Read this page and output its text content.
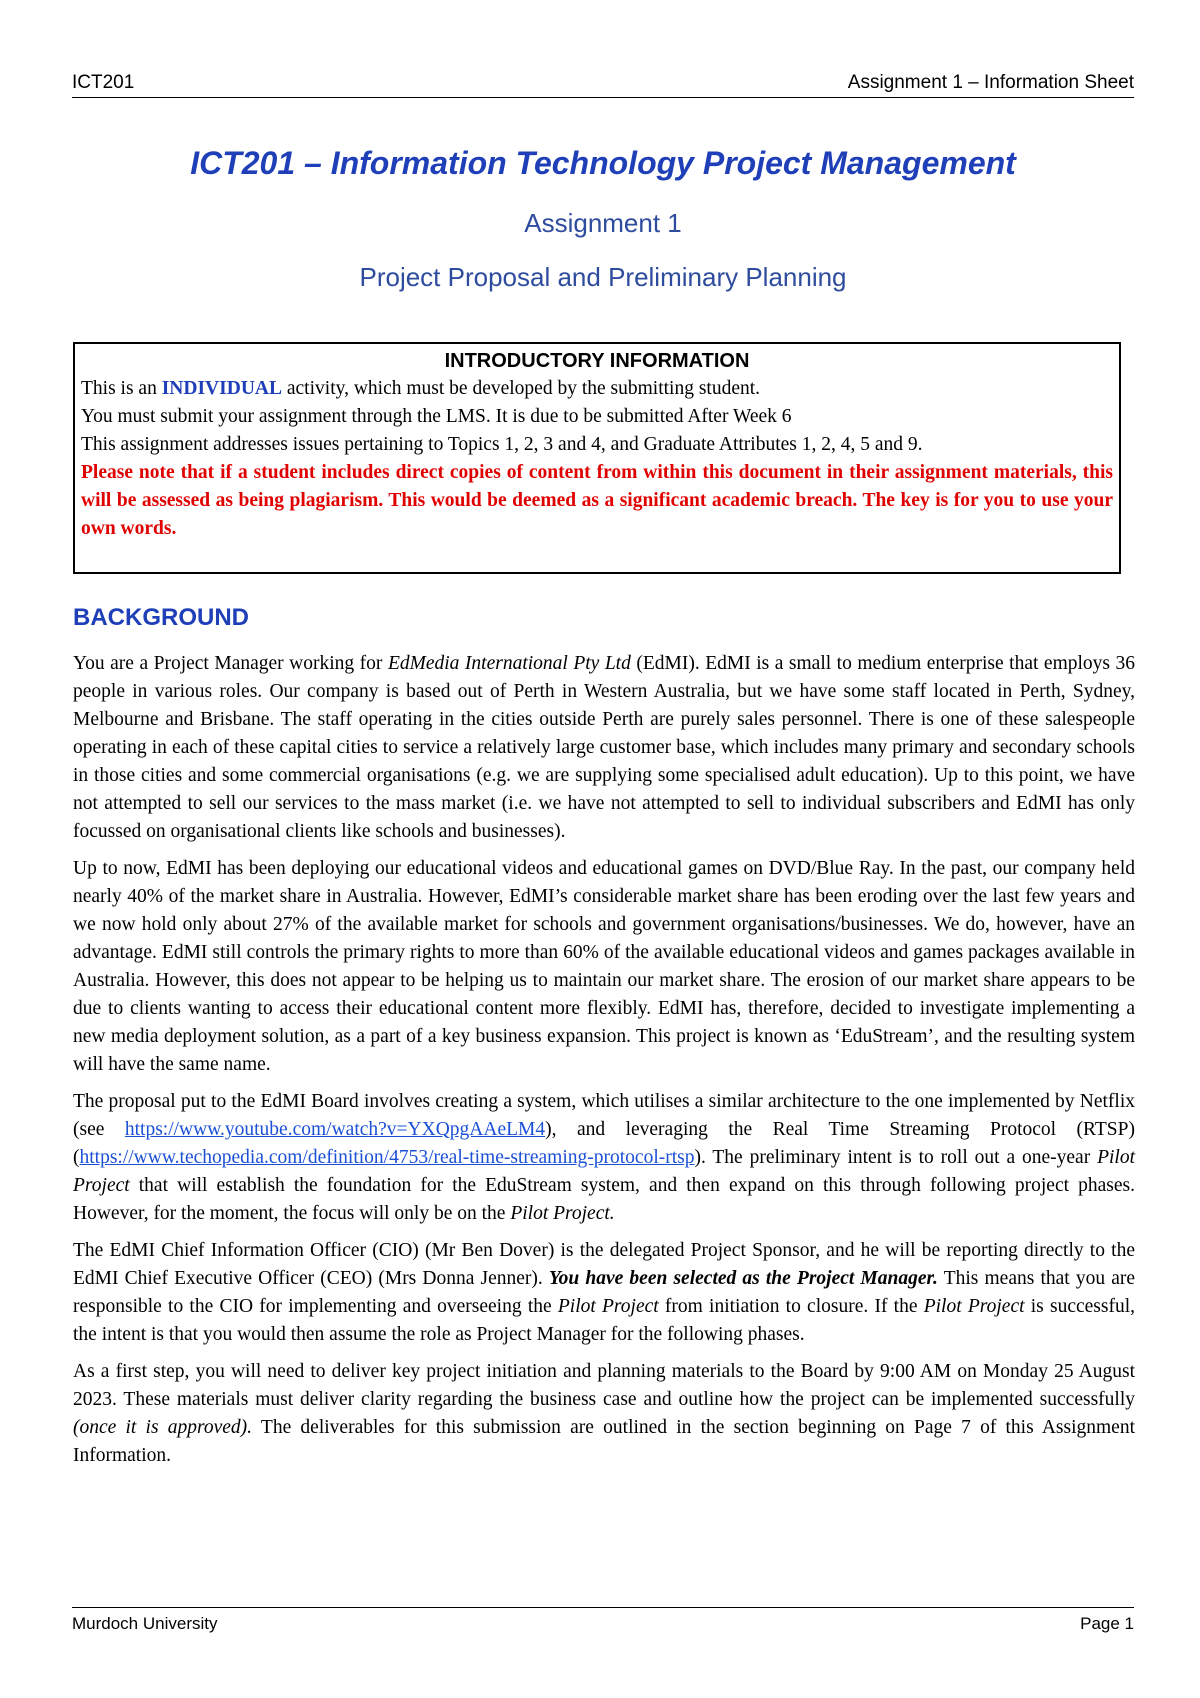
ICT201	Assignment 1 – Information Sheet
ICT201 – Information Technology Project Management
Assignment 1
Project Proposal and Preliminary Planning
INTRODUCTORY INFORMATION
This is an INDIVIDUAL activity, which must be developed by the submitting student.
You must submit your assignment through the LMS. It is due to be submitted After Week 6
This assignment addresses issues pertaining to Topics 1, 2, 3 and 4, and Graduate Attributes 1, 2, 4, 5 and 9.
Please note that if a student includes direct copies of content from within this document in their assignment materials, this will be assessed as being plagiarism. This would be deemed as a significant academic breach. The key is for you to use your own words.
BACKGROUND

You are a Project Manager working for EdMedia International Pty Ltd (EdMI). EdMI is a small to medium enterprise that employs 36 people in various roles. Our company is based out of Perth in Western Australia, but we have some staff located in Perth, Sydney, Melbourne and Brisbane. The staff operating in the cities outside Perth are purely sales personnel. There is one of these salespeople operating in each of these capital cities to service a relatively large customer base, which includes many primary and secondary schools in those cities and some commercial organisations (e.g. we are supplying some specialised adult education). Up to this point, we have not attempted to sell our services to the mass market (i.e. we have not attempted to sell to individual subscribers and EdMI has only focussed on organisational clients like schools and businesses).

Up to now, EdMI has been deploying our educational videos and educational games on DVD/Blue Ray. In the past, our company held nearly 40% of the market share in Australia. However, EdMI’s considerable market share has been eroding over the last few years and we now hold only about 27% of the available market for schools and government organisations/businesses. We do, however, have an advantage. EdMI still controls the primary rights to more than 60% of the available educational videos and games packages available in Australia. However, this does not appear to be helping us to maintain our market share. The erosion of our market share appears to be due to clients wanting to access their educational content more flexibly. EdMI has, therefore, decided to investigate implementing a new media deployment solution, as a part of a key business expansion. This project is known as ‘EduStream’, and the resulting system will have the same name.

The proposal put to the EdMI Board involves creating a system, which utilises a similar architecture to the one implemented by Netflix (see https://www.youtube.com/watch?v=YXQpgAAeLM4), and leveraging the Real Time Streaming Protocol (RTSP) (https://www.techopedia.com/definition/4753/real-time-streaming-protocol-rtsp). The preliminary intent is to roll out a one-year Pilot Project that will establish the foundation for the EduStream system, and then expand on this through following project phases. However, for the moment, the focus will only be on the Pilot Project.

The EdMI Chief Information Officer (CIO) (Mr Ben Dover) is the delegated Project Sponsor, and he will be reporting directly to the EdMI Chief Executive Officer (CEO) (Mrs Donna Jenner). You have been selected as the Project Manager. This means that you are responsible to the CIO for implementing and overseeing the Pilot Project from initiation to closure. If the Pilot Project is successful, the intent is that you would then assume the role as Project Manager for the following phases.

As a first step, you will need to deliver key project initiation and planning materials to the Board by 9:00 AM on Monday 25 August 2023. These materials must deliver clarity regarding the business case and outline how the project can be implemented successfully (once it is approved). The deliverables for this submission are outlined in the section beginning on Page 7 of this Assignment Information.

Murdoch University	Page 1
